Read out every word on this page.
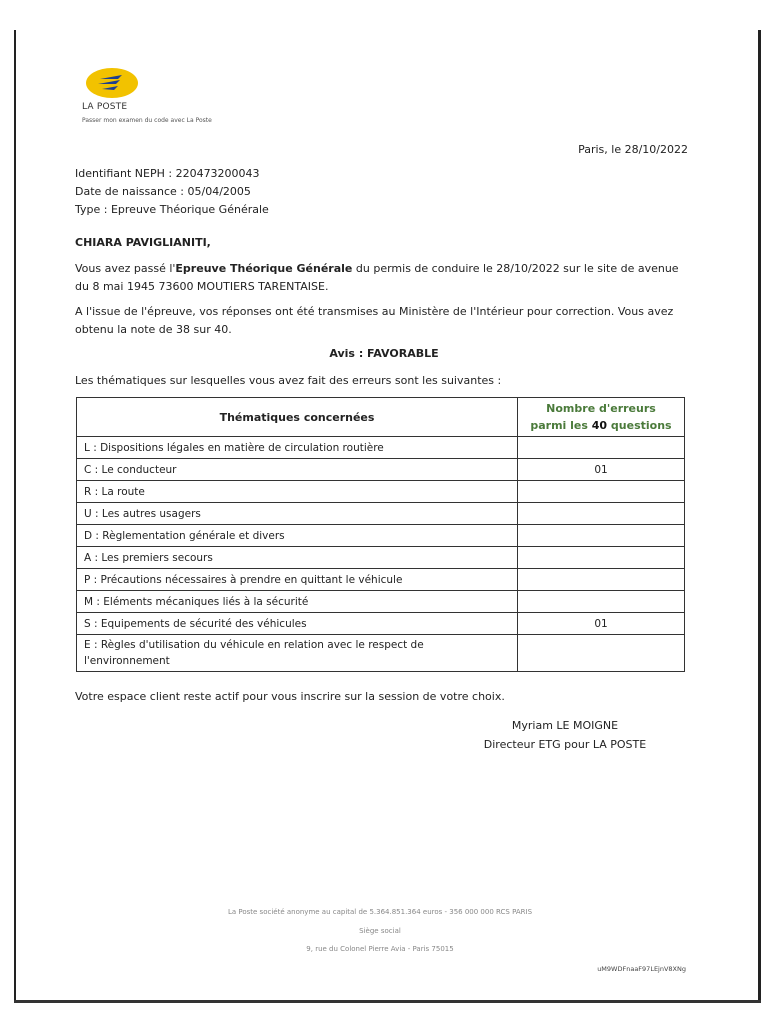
LA POSTE
Passer mon examen du code avec La Poste
Paris, le 28/10/2022
Identifiant NEPH : 220473200043
Date de naissance : 05/04/2005
Type : Epreuve Théorique Générale
CHIARA PAVIGLIANITI,
Vous avez passé l'Epreuve Théorique Générale du permis de conduire le 28/10/2022 sur le site de avenue du 8 mai 1945 73600 MOUTIERS TARENTAISE.
A l'issue de l'épreuve, vos réponses ont été transmises au Ministère de l'Intérieur pour correction. Vous avez obtenu la note de 38 sur 40.
Avis : FAVORABLE
Les thématiques sur lesquelles vous avez fait des erreurs sont les suivantes :
Thématiques concernées	Nombre d'erreurs
parmi les 40 questions
L : Dispositions légales en matière de circulation routière	
C : Le conducteur	01
R : La route	
U : Les autres usagers	
D : Règlementation générale et divers	
A : Les premiers secours	
P : Précautions nécessaires à prendre en quittant le véhicule	
M : Eléments mécaniques liés à la sécurité	
S : Equipements de sécurité des véhicules	01
E : Règles d'utilisation du véhicule en relation avec le respect de l'environnement	
Votre espace client reste actif pour vous inscrire sur la session de votre choix.
Myriam LE MOIGNE
Directeur ETG pour LA POSTE
La Poste société anonyme au capital de 5.364.851.364 euros - 356 000 000 RCS PARIS
Siège social
9, rue du Colonel Pierre Avia - Paris 75015
uM9WDFnaaF97LEjnV8XNg
